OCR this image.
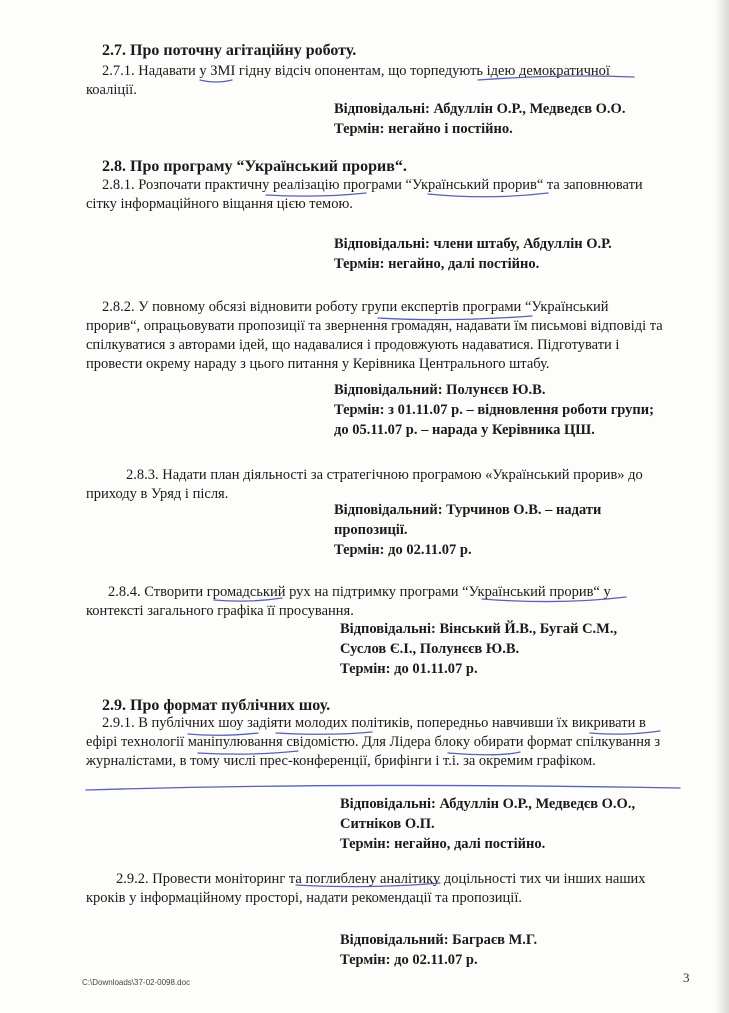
2.7. Про поточну агітаційну роботу.
2.7.1. Надавати у ЗМІ гідну відсіч опонентам, що торпедують ідею демократичної
коаліції.
Відповідальні: Абдуллін О.Р., Медведєв О.О.
Термін: негайно і постійно.
2.8. Про програму “Український прорив“.
2.8.1. Розпочати практичну реалізацію програми “Український прорив“ та заповнювати
сітку інформаційного віщання цією темою.
Відповідальні: члени штабу, Абдуллін О.Р.
Термін: негайно, далі постійно.
2.8.2. У повному обсязі відновити роботу групи експертів програми “Український
прорив“, опрацьовувати пропозиції та звернення громадян, надавати їм письмові відповіді та
спілкуватися з авторами ідей, що надавалися і продовжують надаватися. Підготувати і
провести окрему нараду з цього питання у Керівника Центрального штабу.
Відповідальний: Полунєєв Ю.В.
Термін: з 01.11.07 р. – відновлення роботи групи;
до 05.11.07 р. – нарада у Керівника ЦШ.
2.8.3. Надати план діяльності за стратегічною програмою «Український прорив» до
приходу в Уряд і після.
Відповідальний: Турчинов О.В. – надати
пропозиції.
Термін: до 02.11.07 р.
2.8.4. Створити громадський рух на підтримку програми “Український прорив“ у
контексті загального графіка її просування.
Відповідальні: Вінський Й.В., Бугай С.М.,
Суслов Є.І., Полунєєв Ю.В.
Термін: до 01.11.07 р.
2.9. Про формат публічних шоу.
2.9.1. В публічних шоу задіяти молодих політиків, попередньо навчивши їх викривати в
ефірі технології маніпулювання свідомістю. Для Лідера блоку обирати формат спілкування з
журналістами, в тому числі прес-конференції, брифінги і т.і. за окремим графіком.
Відповідальні: Абдуллін О.Р., Медведєв О.О.,
Ситніков О.П.
Термін: негайно, далі постійно.
2.9.2. Провести моніторинг та поглиблену аналітику доцільності тих чи інших наших
кроків у інформаційному просторі, надати рекомендації та пропозиції.
Відповідальний: Баграєв М.Г.
Термін: до 02.11.07 р.
C:\Downloads\37-02-0098.doc	3
